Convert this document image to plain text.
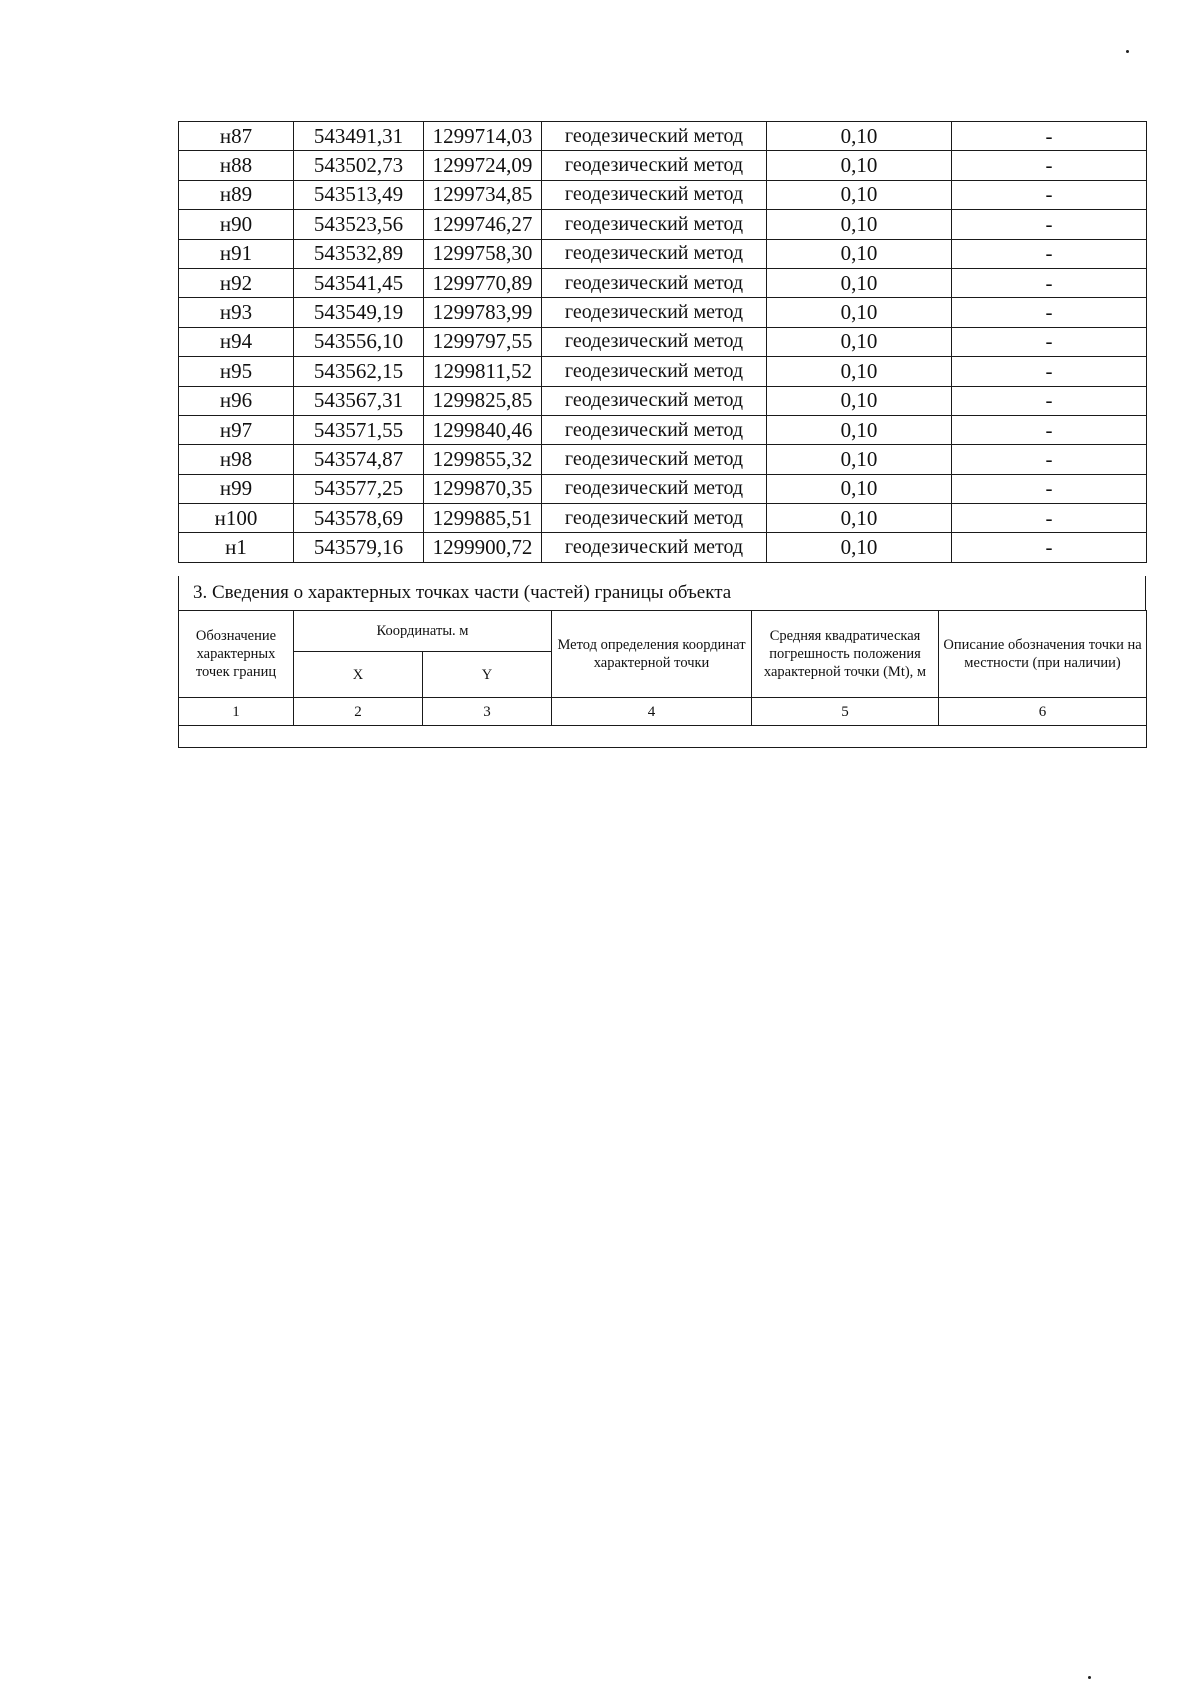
н87	543491,31	1299714,03	геодезический метод	0,10	-
н88	543502,73	1299724,09	геодезический метод	0,10	-
н89	543513,49	1299734,85	геодезический метод	0,10	-
н90	543523,56	1299746,27	геодезический метод	0,10	-
н91	543532,89	1299758,30	геодезический метод	0,10	-
н92	543541,45	1299770,89	геодезический метод	0,10	-
н93	543549,19	1299783,99	геодезический метод	0,10	-
н94	543556,10	1299797,55	геодезический метод	0,10	-
н95	543562,15	1299811,52	геодезический метод	0,10	-
н96	543567,31	1299825,85	геодезический метод	0,10	-
н97	543571,55	1299840,46	геодезический метод	0,10	-
н98	543574,87	1299855,32	геодезический метод	0,10	-
н99	543577,25	1299870,35	геодезический метод	0,10	-
н100	543578,69	1299885,51	геодезический метод	0,10	-
н1	543579,16	1299900,72	геодезический метод	0,10	-
3. Сведения о характерных точках части (частей) границы объекта
Обозначение характерных точек границ	Координаты. м		Метод определения координат характерной точки	Средняя квадратическая погрешность положения характерной точки (Mt), м	Описание обозначения точки на местности (при наличии)
	X	Y			
1	2	3	4	5	6
